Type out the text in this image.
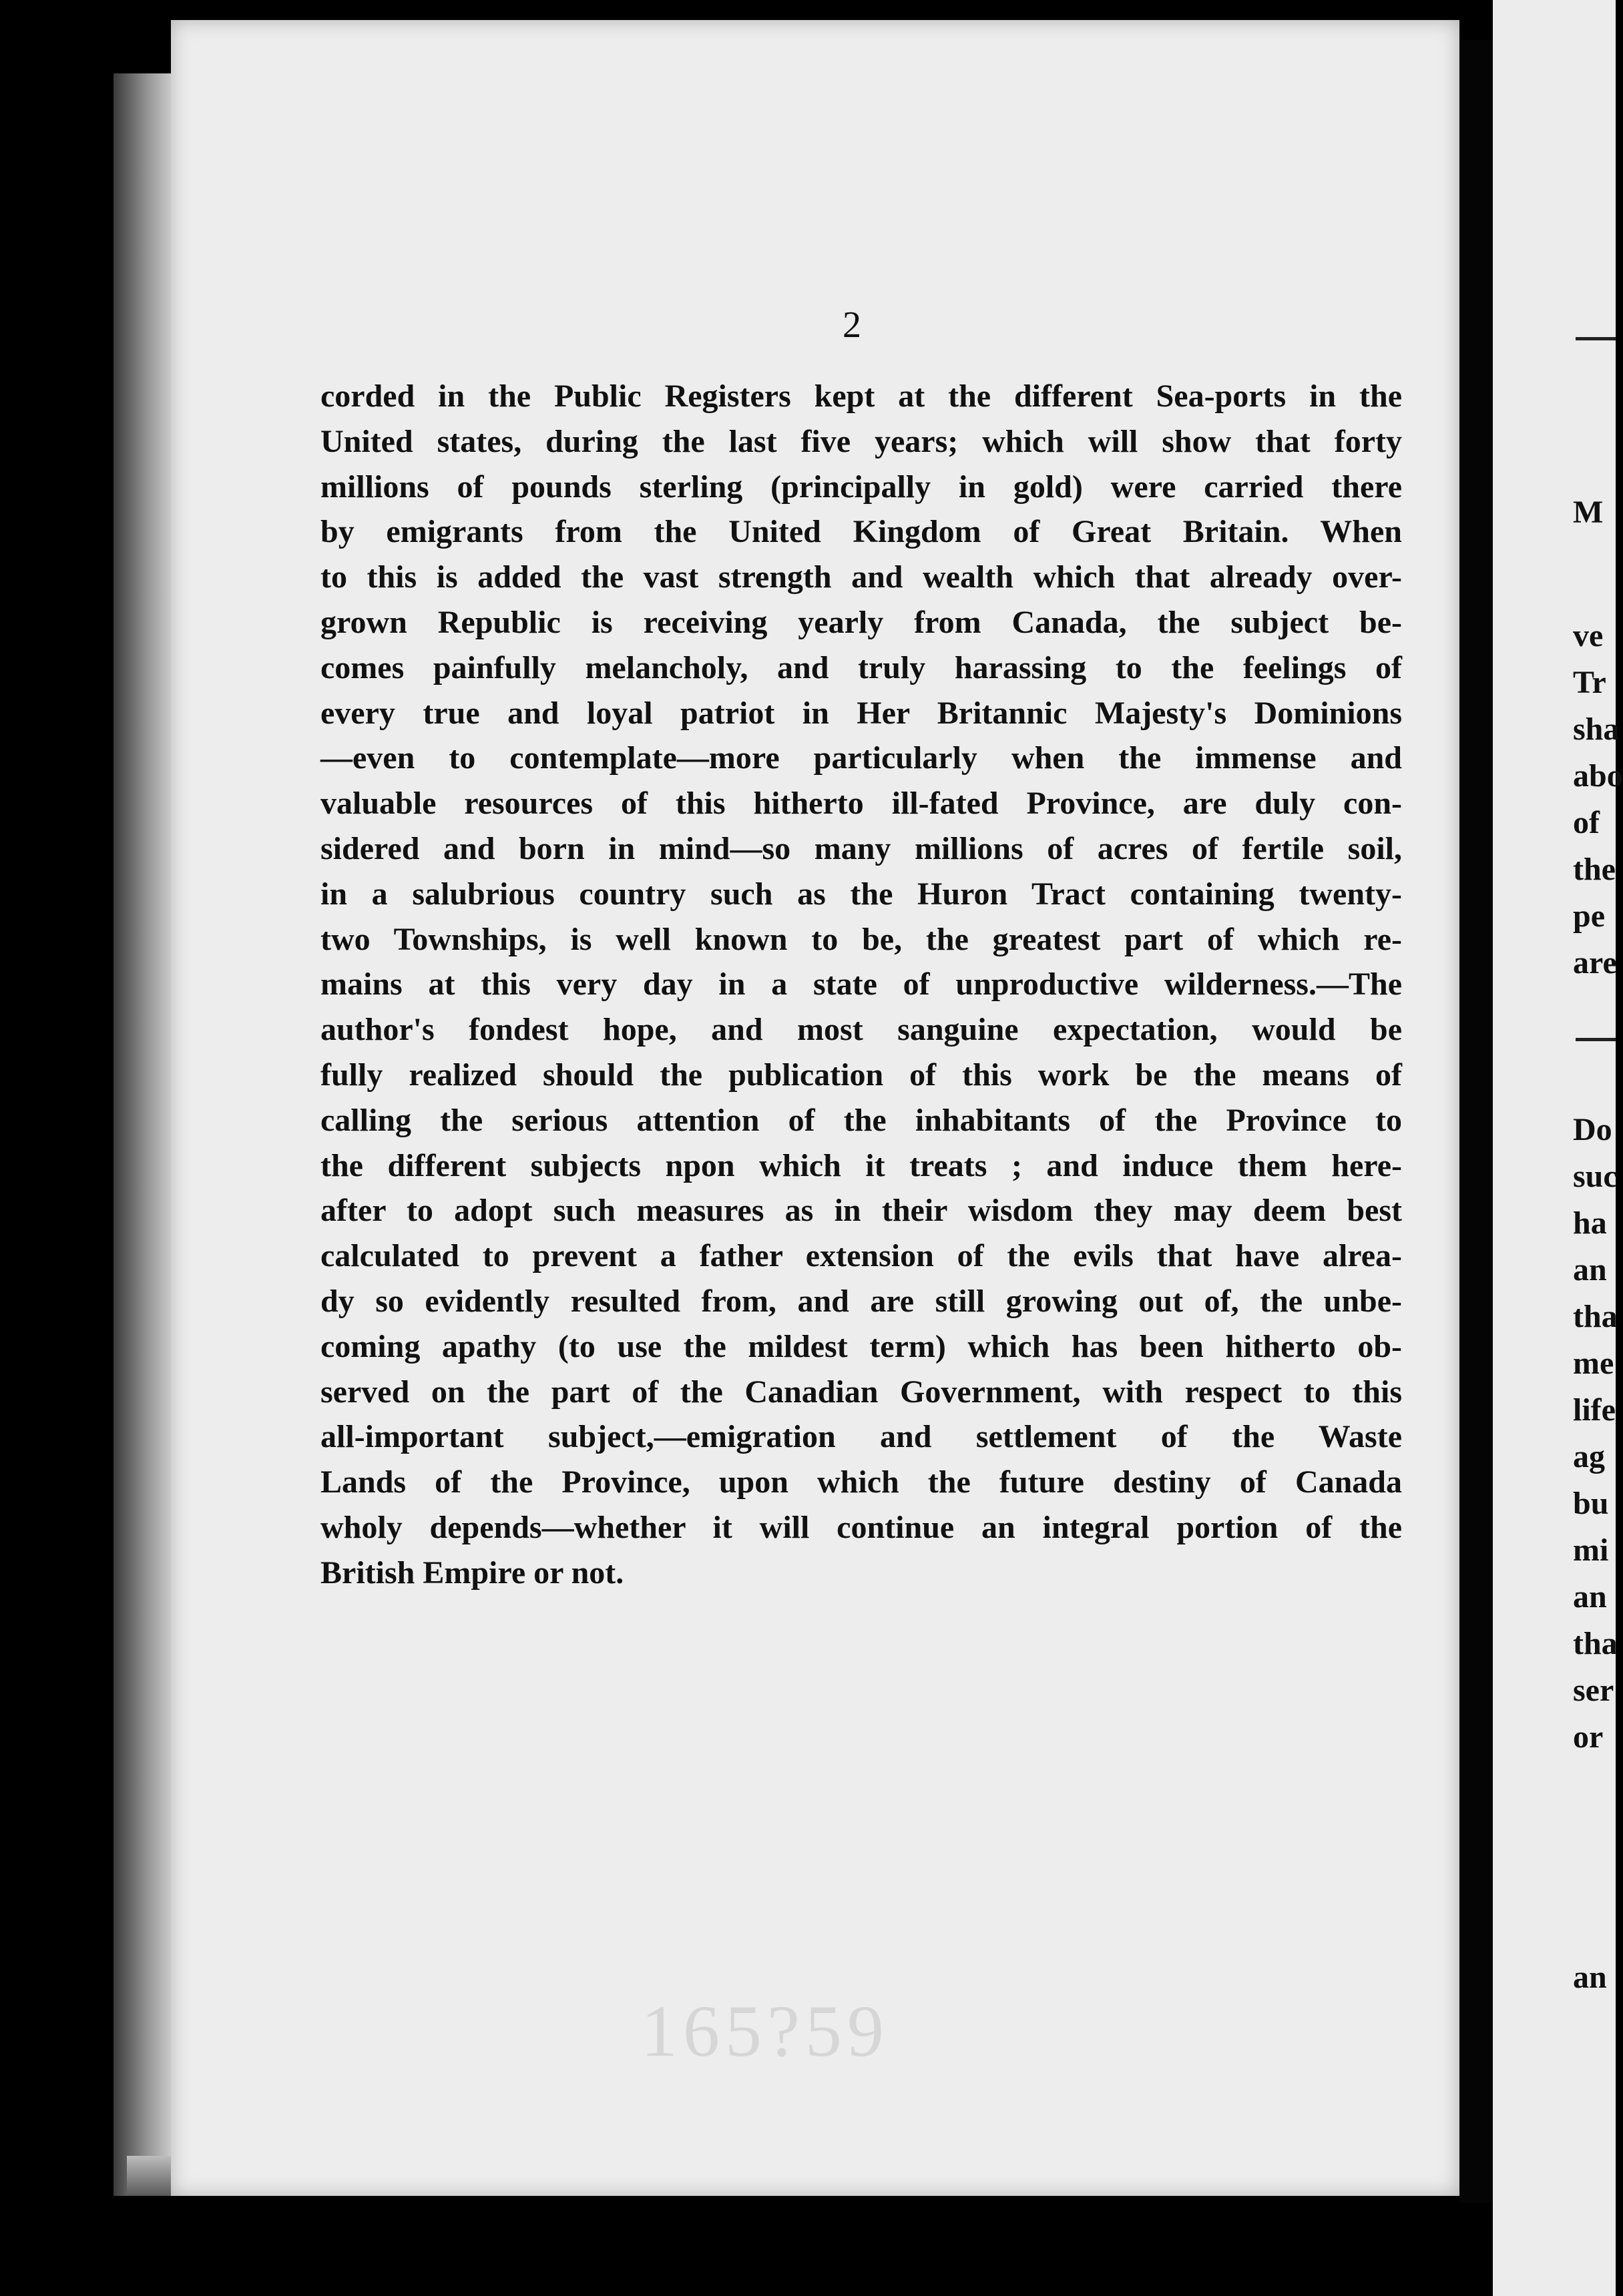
165?59
2
corded in the Public Registers kept at the different Sea-ports in the
United states, during the last five years; which will show that forty
millions of pounds sterling (principally in gold) were carried there
by emigrants from the United Kingdom of Great Britain. When
to this is added the vast strength and wealth which that already over-
grown Republic is receiving yearly from Canada, the subject be-
comes painfully melancholy, and truly harassing to the feelings of
every true and loyal patriot in Her Britannic Majesty's Dominions
—even to contemplate—more particularly when the immense and
valuable resources of this hitherto ill-fated Province, are duly con-
sidered and born in mind—so many millions of acres of fertile soil,
in a salubrious country such as the Huron Tract containing twenty-
two Townships, is well known to be, the greatest part of which re-
mains at this very day in a state of unproductive wilderness.—The
author's fondest hope, and most sanguine expectation, would be
fully realized should the publication of this work be the means of
calling the serious attention of the inhabitants of the Province to
the different subjects npon which it treats ; and induce them here-
after to adopt such measures as in their wisdom they may deem best
calculated to prevent a father extension of the evils that have alrea-
dy so evidently resulted from, and are still growing out of, the unbe-
coming apathy (to use the mildest term) which has been hitherto ob-
served on the part of the Canadian Government, with respect to this
all-important subject,—emigration and settlement of the Waste
Lands of the Province, upon which the future destiny of Canada
wholy depends—whether it will continue an integral portion of the
British Empire or not.
M
ve
Tr
sha
abo
of
the
pe
are
Do
suc
ha
an
tha
me
life
ag
bu
mi
an
tha
ser
or
an
